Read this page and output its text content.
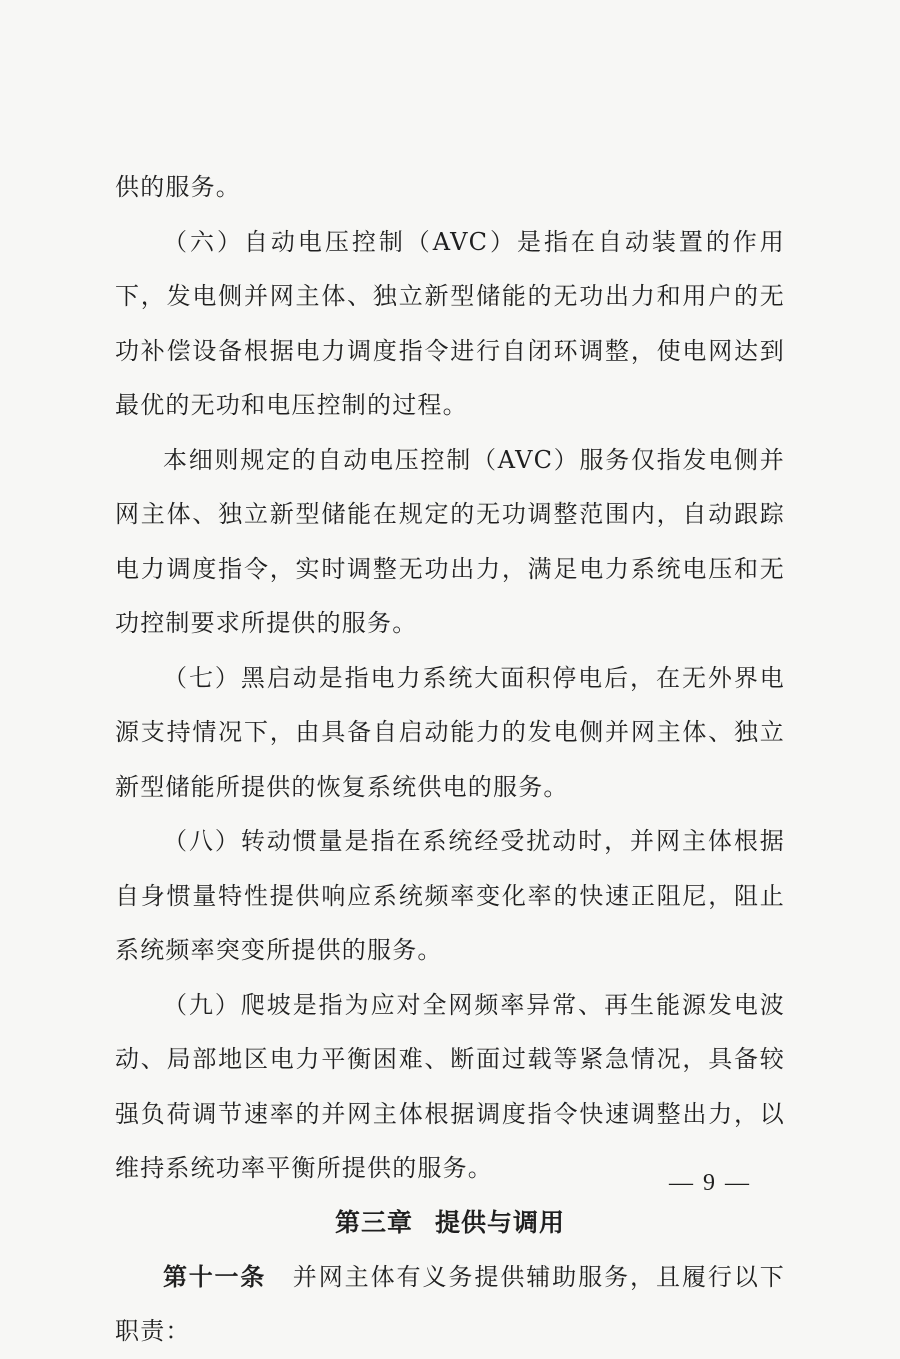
供的服务。

（六）自动电压控制（AVC）是指在自动装置的作用下，发电侧并网主体、独立新型储能的无功出力和用户的无功补偿设备根据电力调度指令进行自闭环调整，使电网达到最优的无功和电压控制的过程。

本细则规定的自动电压控制（AVC）服务仅指发电侧并网主体、独立新型储能在规定的无功调整范围内，自动跟踪电力调度指令，实时调整无功出力，满足电力系统电压和无功控制要求所提供的服务。

（七）黑启动是指电力系统大面积停电后，在无外界电源支持情况下，由具备自启动能力的发电侧并网主体、独立新型储能所提供的恢复系统供电的服务。

（八）转动惯量是指在系统经受扰动时，并网主体根据自身惯量特性提供响应系统频率变化率的快速正阻尼，阻止系统频率突变所提供的服务。

（九）爬坡是指为应对全网频率异常、再生能源发电波动、局部地区电力平衡困难、断面过载等紧急情况，具备较强负荷调节速率的并网主体根据调度指令快速调整出力，以维持系统功率平衡所提供的服务。

第三章 提供与调用

第十一条 并网主体有义务提供辅助服务，且履行以下职责：

— 9 —
